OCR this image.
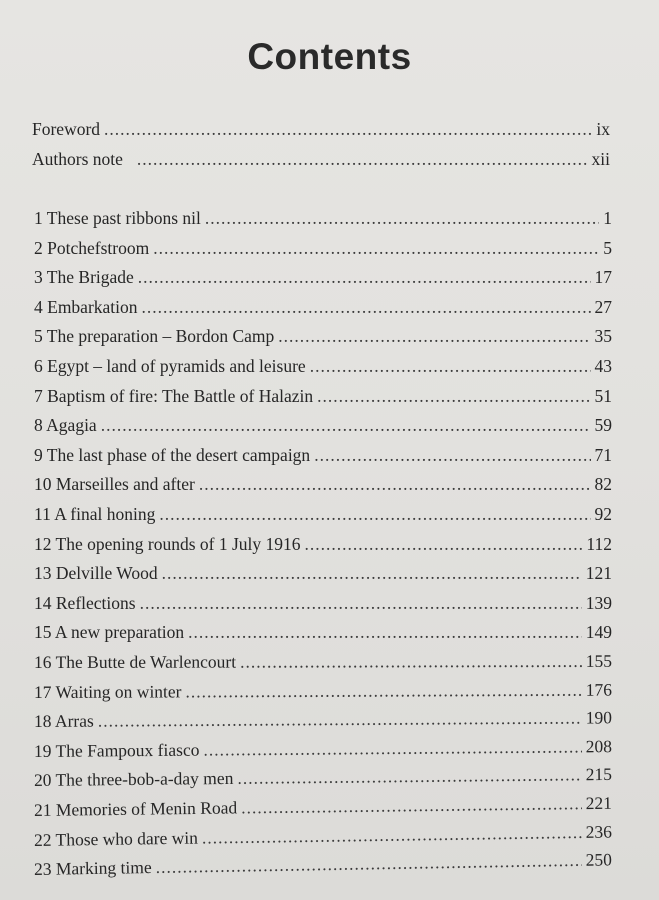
Contents
Foreword .....	ix
Authors note .....	xii
1 These past ribbons nil .....	1
2 Potchefstroom .....	5
3 The Brigade .....	17
4 Embarkation .....	27
5 The preparation – Bordon Camp .....	35
6 Egypt – land of pyramids and leisure .....	43
7 Baptism of fire: The Battle of Halazin .....	51
8 Agagia .....	59
9 The last phase of the desert campaign .....	71
10 Marseilles and after .....	82
11 A final honing .....	92
12 The opening rounds of 1 July 1916 .....	112
13 Delville Wood .....	121
14 Reflections .....	139
15 A new preparation .....	149
16 The Butte de Warlencourt .....	155
17 Waiting on winter .....	176
18 Arras .....	190
19 The Fampoux fiasco .....	208
20 The three-bob-a-day men .....	215
21 Memories of Menin Road .....	221
22 Those who dare win .....	236
23 Marking time .....	250
